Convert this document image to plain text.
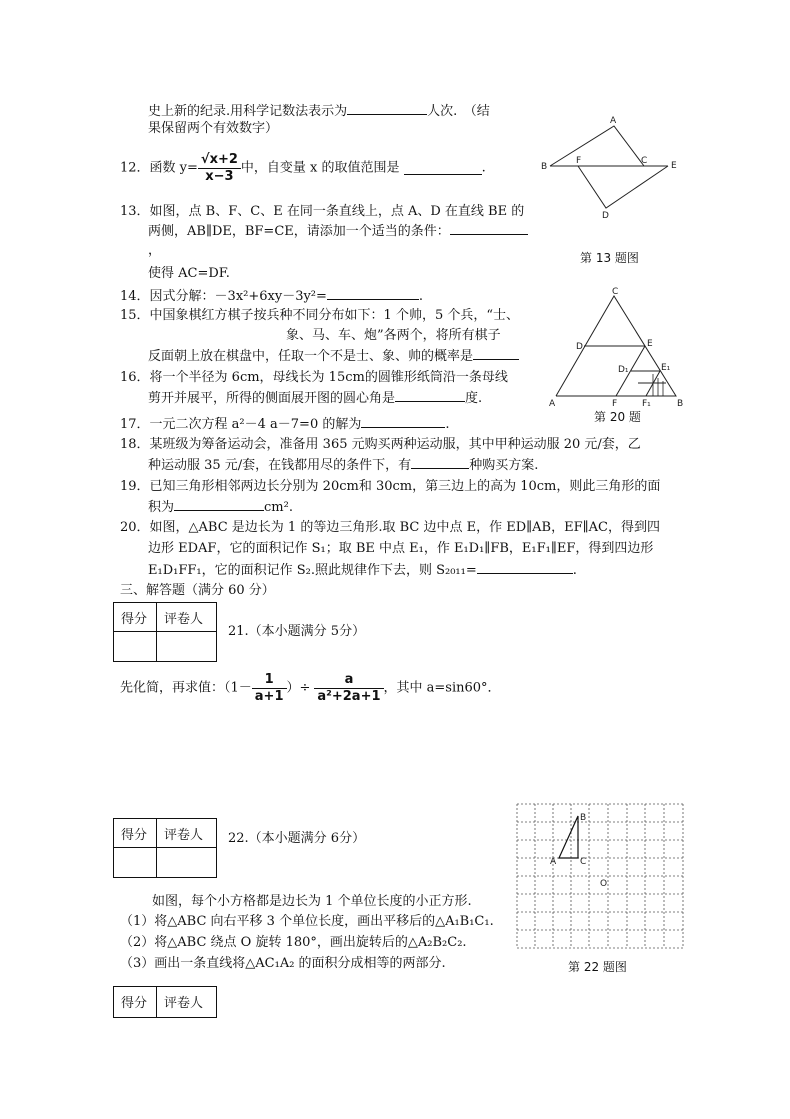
史上新的纪录.用科学记数法表示为	人次.　（结
果保留两个有效数字）
12．函数 $y= \frac{√x+2}{x-3}$ 中，自变量 x 的取值范围是	.
13．如图，点 B、F、C、E 在同一条直线上，点 A、D 在直线 BE 的
两侧，AB∥DE，BF=CE，请添加一个适当的条件：
，
使得 AC=DF.
14．因式分解：－3x²+6xy－3y²=	.
15．中国象棋红方棋子按兵种不同分布如下：1 个帅，5 个兵，“士、
象、马、车、炮”各两个，将所有棋子
反面朝上放在棋盘中，任取一个不是士、象、帅的概率是
16．将一个半径为 6cm，母线长为 15cm的圆锥形纸筒沿一条母线
剪开并展平，所得的侧面展开图的圆心角是	度.
17．一元二次方程 a²－4 a－7=0 的解为	.
18．某班级为筹备运动会，准备用 365 元购买两种运动服，其中甲种运动服 20 元/套，乙
种运动服 35 元/套，在钱都用尽的条件下，有	种购买方案.
19．已知三角形相邻两边长分别为 20cm和 30cm，第三边上的高为 10cm，则此三角形的面
积为	cm².
20．如图，△ABC 是边长为 1 的等边三角形.取 BC 边中点 E，作 ED∥AB，EF∥AC，得到四
边形 EDAF，它的面积记作 S₁；取 BE 中点 E₁，作 E₁D₁∥FB，E₁F₁∥EF，得到四边形
E₁D₁FF₁，它的面积记作 S₂.照此规律作下去，则 S₂₀₁₁=	.
三、解答题（满分 60 分）
得分 评卷人
21.（本小题满分 5分）
先化简，再求值：（$1- \frac{1}{a+1}$ ）÷ $\frac{a}{\text{a²+2a+1}}$ ，其中 a=sin60°．
得分 评卷人 22.（本小题满分 6分）
如图，每个小方格都是边长为 1 个单位长度的小正方形.
（1）将△ABC 向右平移 3 个单位长度，画出平移后的△A₁B₁C₁.
（2）将△ABC 绕点 O 旋转 180°，画出旋转后的△A₂B₂C₂.
（3）画出一条直线将△AC₁A₂ 的面积分成相等的两部分.
得分 评卷人
A
B
F	C	E
D
第 13 题图
C
D	E
D₁	E₁
A	F	F₁	B
第 20 题
B
A	C
O
第 22 题图
